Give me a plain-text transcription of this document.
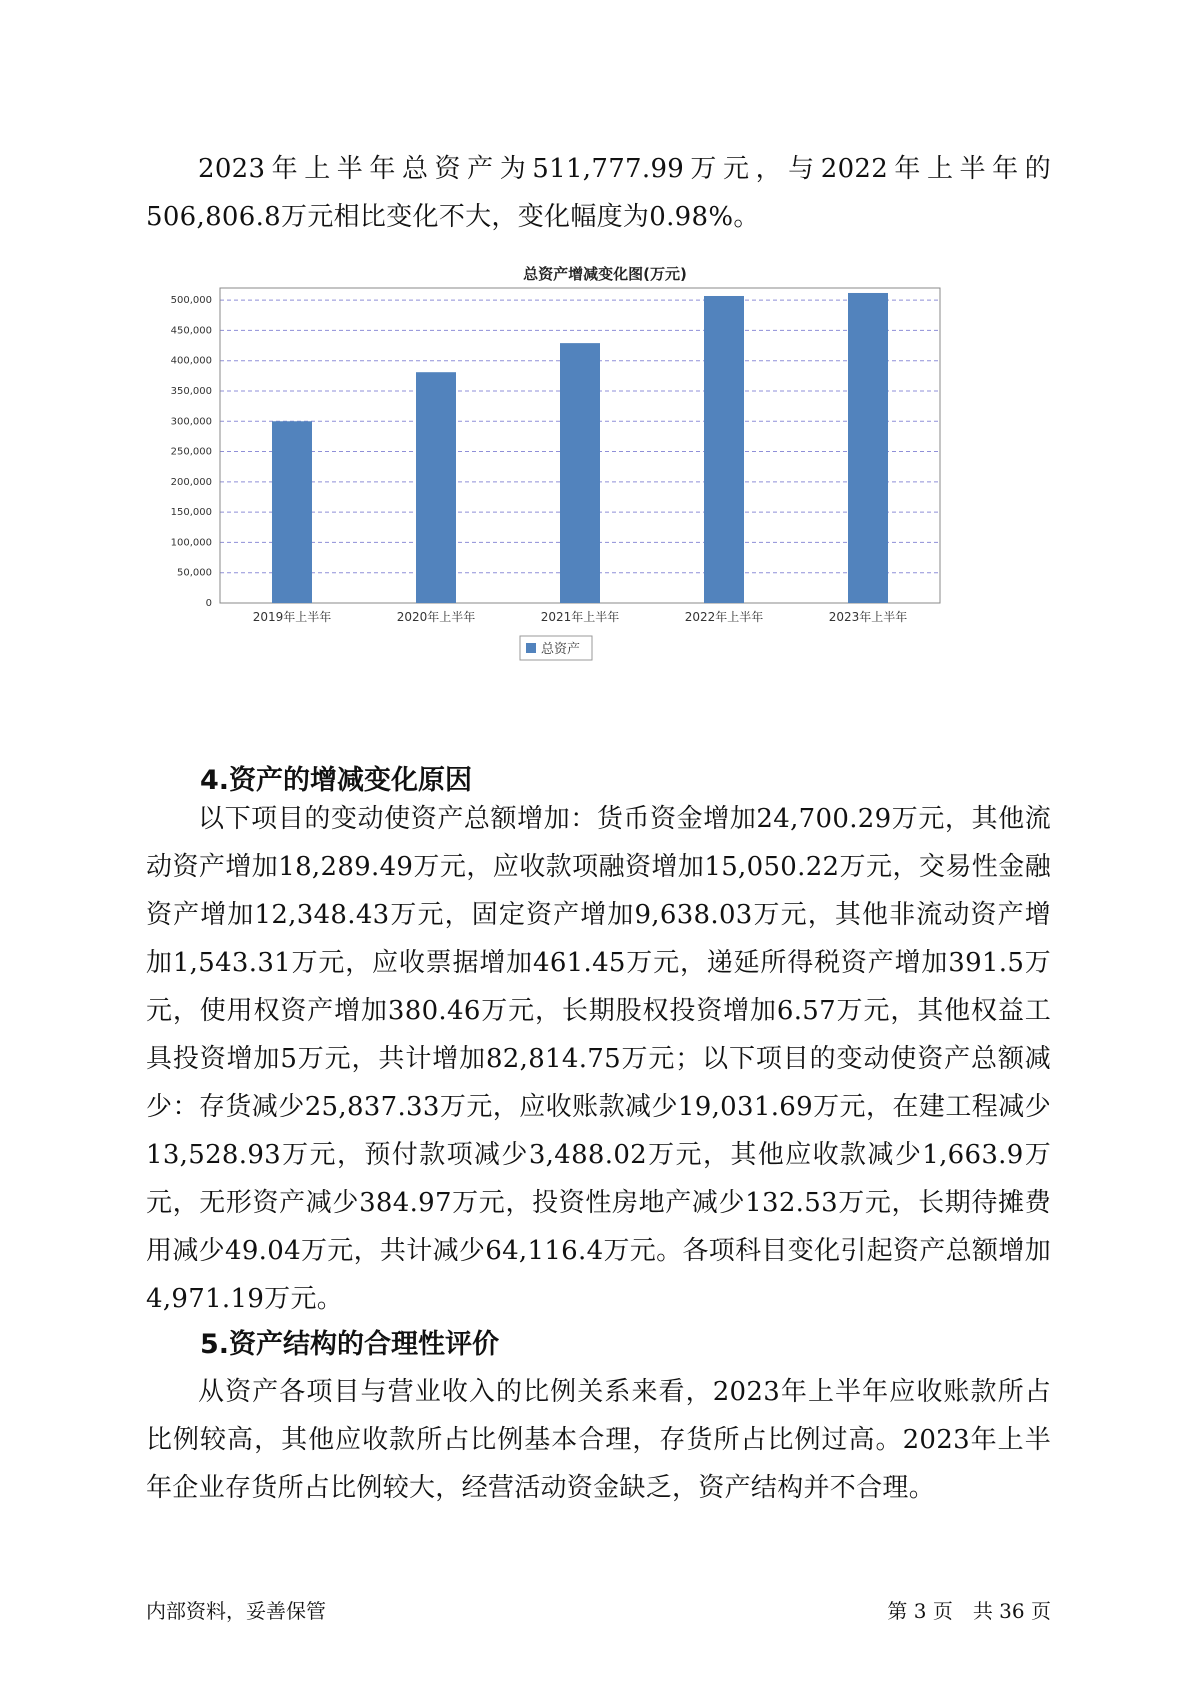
2023年上半年总资产为511,777.99万元，与2022年上半年的506,806.8万元相比变化不大，变化幅度为0.98%。

总资产增减变化图(万元)
0
50,000
100,000
150,000
200,000
250,000
300,000
350,000
400,000
450,000
500,000
2019年上半年	2020年上半年	2021年上半年	2022年上半年	2023年上半年
总资产
4.资产的增减变化原因

以下项目的变动使资产总额增加：货币资金增加24,700.29万元，其他流动资产增加18,289.49万元，应收款项融资增加15,050.22万元，交易性金融资产增加12,348.43万元，固定资产增加9,638.03万元，其他非流动资产增加1,543.31万元，应收票据增加461.45万元，递延所得税资产增加391.5万元，使用权资产增加380.46万元，长期股权投资增加6.57万元，其他权益工具投资增加5万元，共计增加82,814.75万元；以下项目的变动使资产总额减少：存货减少25,837.33万元，应收账款减少19,031.69万元，在建工程减少13,528.93万元，预付款项减少3,488.02万元，其他应收款减少1,663.9万元，无形资产减少384.97万元，投资性房地产减少132.53万元，长期待摊费用减少49.04万元，共计减少64,116.4万元。各项科目变化引起资产总额增加4,971.19万元。

5.资产结构的合理性评价

从资产各项目与营业收入的比例关系来看，2023年上半年应收账款所占比例较高，其他应收款所占比例基本合理，存货所占比例过高。2023年上半年企业存货所占比例较大，经营活动资金缺乏，资产结构并不合理。

内部资料，妥善保管	第 3 页　共 36 页
